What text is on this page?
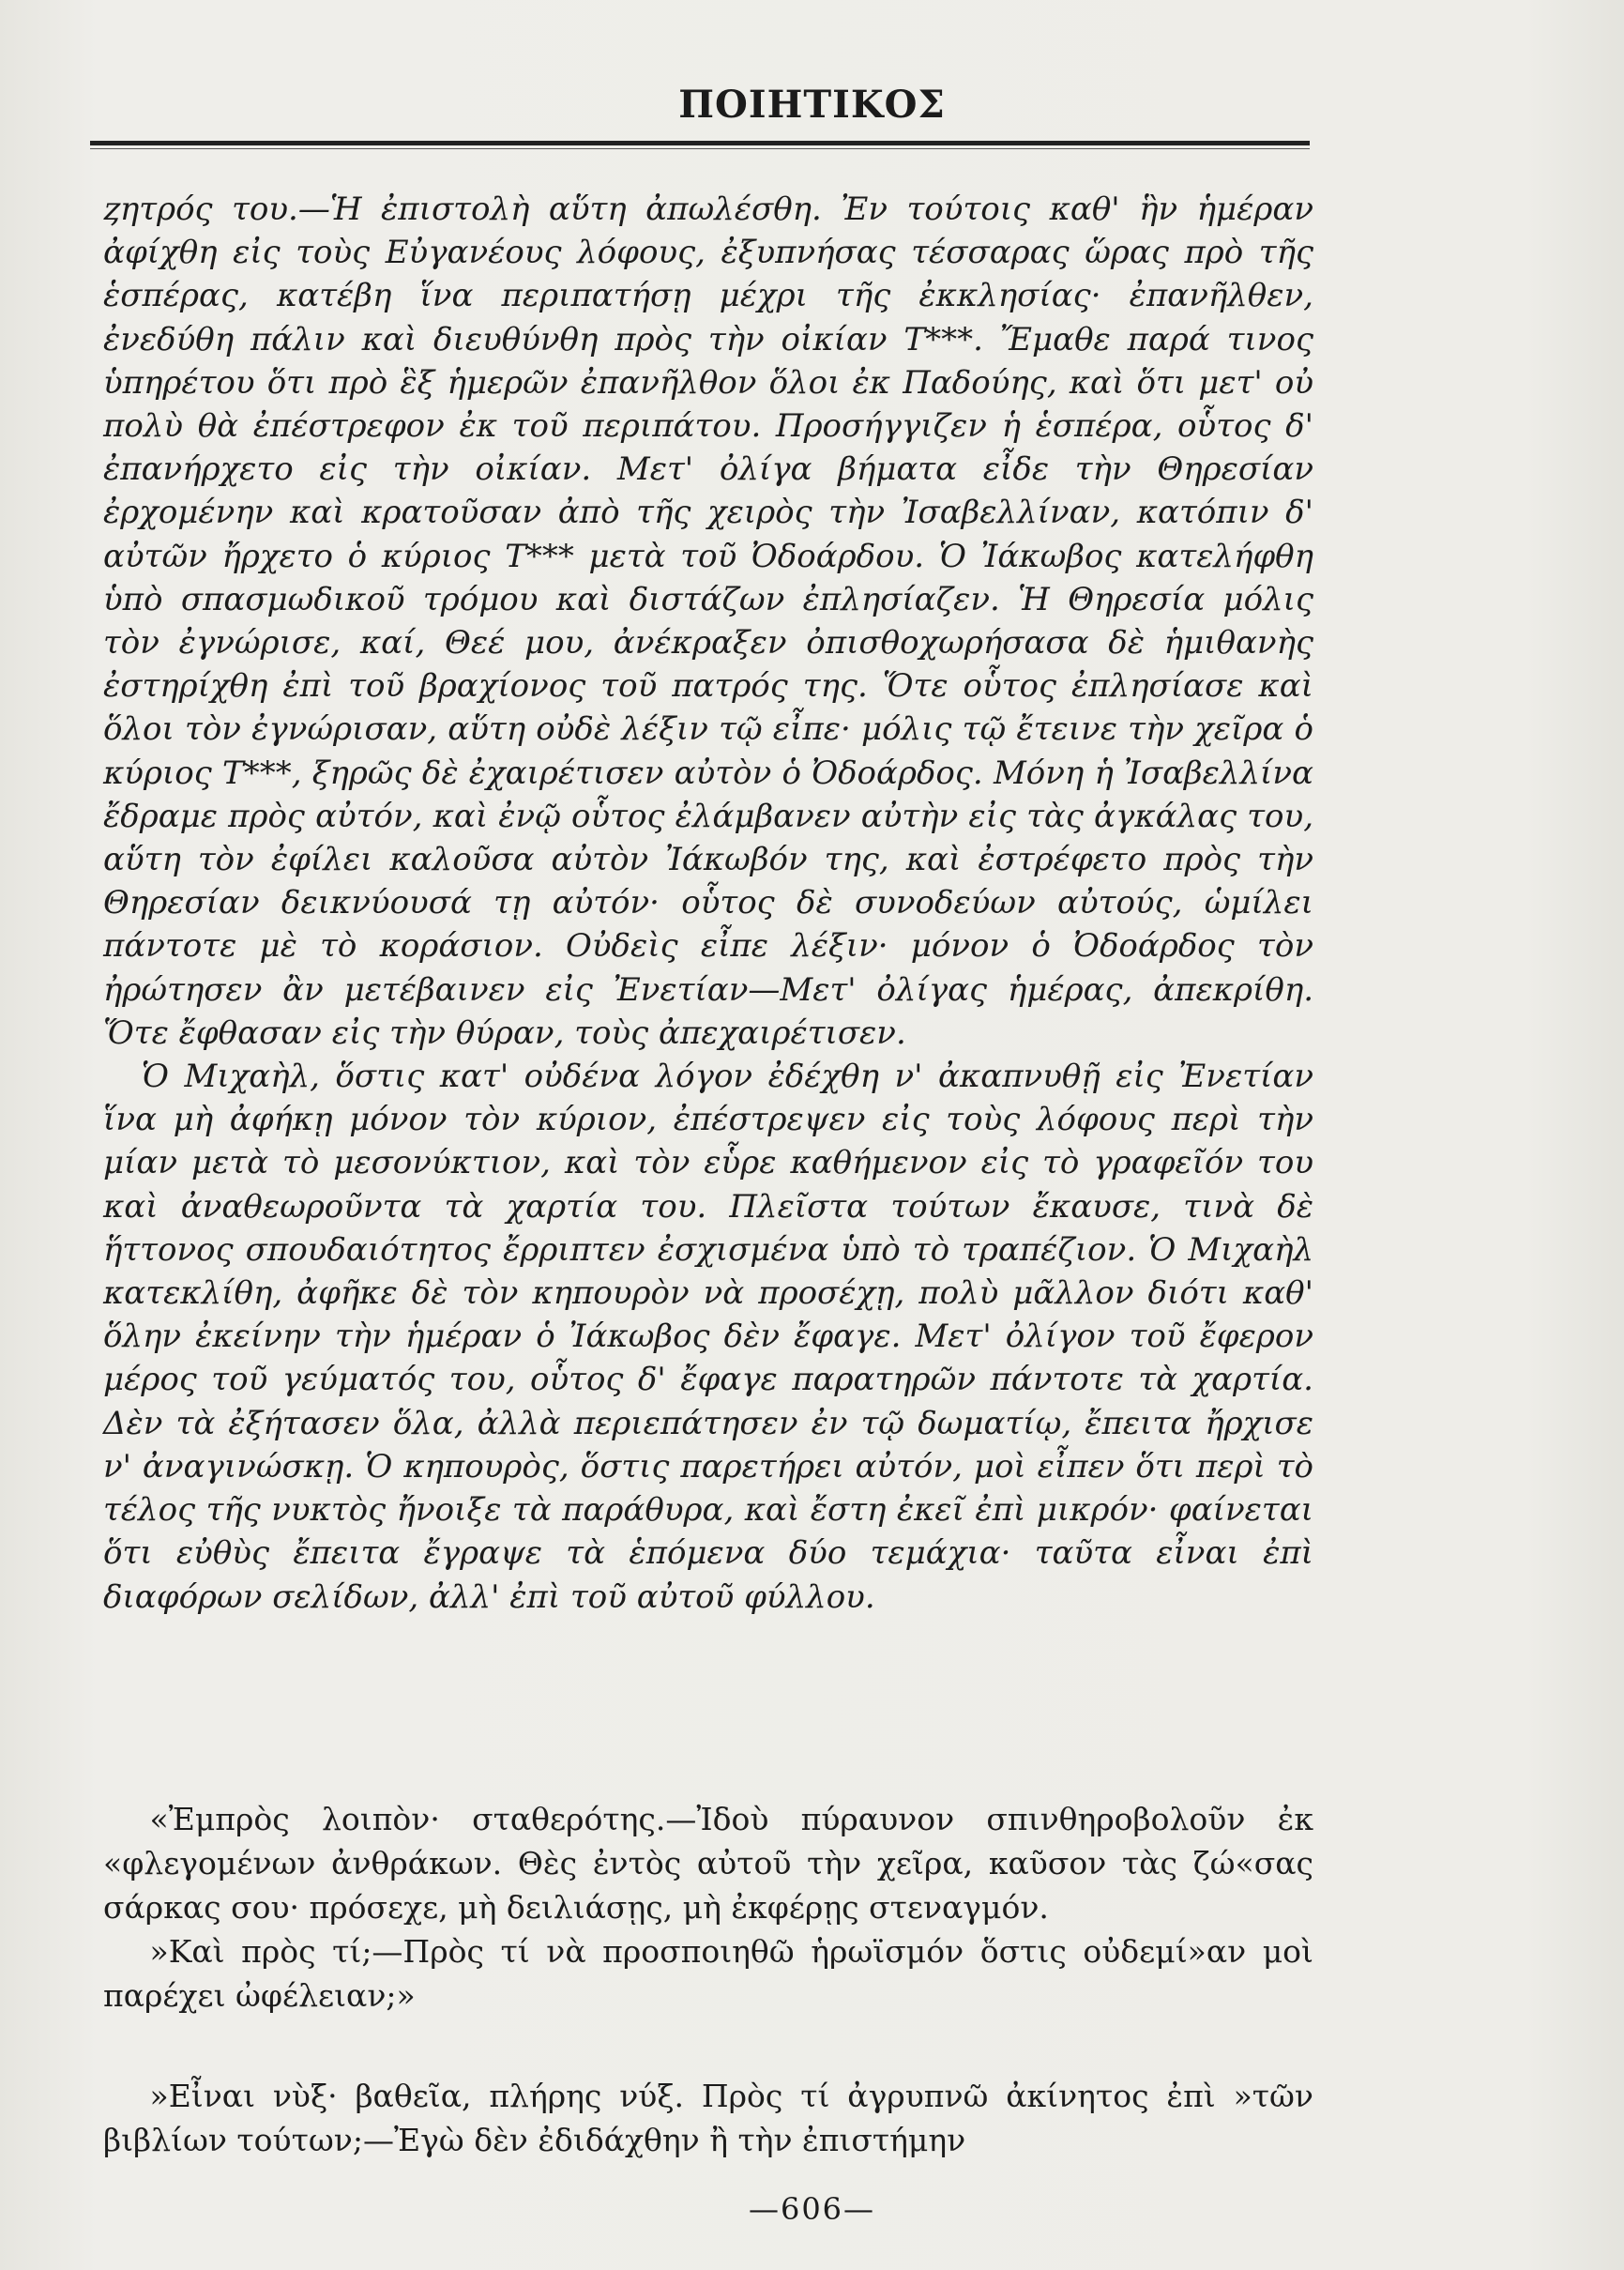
ΠΟΙΗΤΙΚΟΣ

ȥητρός του.—Ἡ ἐπιστολὴ αὕτη ἀπωλέσθη. Ἐν τούτοις καθ' ἣν ἡμέραν ἀφίχθη εἰς τοὺς Εὐγανέους λόφους, ἐξυπνήσας τέσσαρας ὥρας πρὸ τῆς ἑσπέρας, κατέβη ἵνα περιπατήσῃ μέχρι τῆς ἐκκλησίας· ἐπανῆλθεν, ἐνεδύθη πάλιν καὶ διευθύνθη πρὸς τὴν οἰκίαν Τ***. Ἔμαθε παρά τινος ὑπηρέτου ὅτι πρὸ ἓξ ἡμερῶν ἐπανῆλθον ὅλοι ἐκ Παδούης, καὶ ὅτι μετ' οὐ πολὺ θὰ ἐπέστρεφον ἐκ τοῦ περιπάτου. Προσήγγιζεν ἡ ἑσπέρα, οὗτος δ' ἐπανήρχετο εἰς τὴν οἰκίαν. Μετ' ὀλίγα βήματα εἶδε τὴν Θηρεσίαν ἐρχομένην καὶ κρατοῦσαν ἀπὸ τῆς χειρὸς τὴν Ἰσαβελλίναν, κατόπιν δ' αὐτῶν ἤρχετο ὁ κύριος Τ*** μετὰ τοῦ Ὀδοάρδου. Ὁ Ἰάκωβος κατελήφθη ὑπὸ σπασμωδικοῦ τρόμου καὶ διστάζων ἐπλησίαζεν. Ἡ Θηρεσία μόλις τὸν ἐγνώρισε, καί, Θεέ μου, ἀνέκραξεν ὀπισθοχωρήσασα δὲ ἡμιθανὴς ἐστηρίχθη ἐπὶ τοῦ βραχίονος τοῦ πατρός της. Ὅτε οὗτος ἐπλησίασε καὶ ὅλοι τὸν ἐγνώρισαν, αὕτη οὐδὲ λέξιν τῷ εἶπε· μόλις τῷ ἔτεινε τὴν χεῖρα ὁ κύριος Τ***, ξηρῶς δὲ ἐχαιρέτισεν αὐτὸν ὁ Ὀδοάρδος. Μόνη ἡ Ἰσαβελλίνα ἔδραμε πρὸς αὐτόν, καὶ ἐνῷ οὗτος ἐλάμβανεν αὐτὴν εἰς τὰς ἀγκάλας του, αὕτη τὸν ἐφίλει καλοῦσα αὐτὸν Ἰάκωβόν της, καὶ ἐστρέφετο πρὸς τὴν Θηρεσίαν δεικνύουσά τῃ αὐτόν· οὗτος δὲ συνοδεύων αὐτούς, ὡμίλει πάντοτε μὲ τὸ κοράσιον. Οὐδεὶς εἶπε λέξιν· μόνον ὁ Ὀδοάρδος τὸν ἠρώτησεν ἂν μετέβαινεν εἰς Ἐνετίαν—Μετ' ὀλίγας ἡμέρας, ἀπεκρίθη. Ὅτε ἔφθασαν εἰς τὴν θύραν, τοὺς ἀπεχαιρέτισεν.

Ὁ Μιχαὴλ, ὅστις κατ' οὐδένα λόγον ἐδέχθη ν' ἀκαπνυθῇ εἰς Ἐνετίαν ἵνα μὴ ἀφήκῃ μόνον τὸν κύριον, ἐπέστρεψεν εἰς τοὺς λόφους περὶ τὴν μίαν μετὰ τὸ μεσονύκτιον, καὶ τὸν εὗρε καθήμενον εἰς τὸ γραφεῖόν του καὶ ἀναθεωροῦντα τὰ χαρτία του. Πλεῖστα τούτων ἔκαυσε, τινὰ δὲ ἥττονος σπουδαιότητος ἔρριπτεν ἐσχισμένα ὑπὸ τὸ τραπέζιον. Ὁ Μιχαὴλ κατεκλίθη, ἀφῆκε δὲ τὸν κηπουρὸν νὰ προσέχῃ, πολὺ μᾶλλον διότι καθ' ὅλην ἐκείνην τὴν ἡμέραν ὁ Ἰάκωβος δὲν ἔφαγε. Μετ' ὀλίγον τοῦ ἔφερον μέρος τοῦ γεύματός του, οὗτος δ' ἔφαγε παρατηρῶν πάντοτε τὰ χαρτία. Δὲν τὰ ἐξήτασεν ὅλα, ἀλλὰ περιεπάτησεν ἐν τῷ δωματίῳ, ἔπειτα ἤρχισε ν' ἀναγινώσκῃ. Ὁ κηπουρὸς, ὅστις παρετήρει αὐτόν, μοὶ εἶπεν ὅτι περὶ τὸ τέλος τῆς νυκτὸς ἤνοιξε τὰ παράθυρα, καὶ ἔστη ἐκεῖ ἐπὶ μικρόν· φαίνεται ὅτι εὐθὺς ἔπειτα ἔγραψε τὰ ἑπόμενα δύο τεμάχια· ταῦτα εἶναι ἐπὶ διαφόρων σελίδων, ἀλλ' ἐπὶ τοῦ αὐτοῦ φύλλου.

«Ἐμπρὸς λοιπὸν· σταθερότης.—Ἰδοὺ πύραυνον σπινθηροβολοῦν ἐκ «φλεγομένων ἀνθράκων. Θὲς ἐντὸς αὐτοῦ τὴν χεῖρα, καῦσον τὰς ζώ«σας σάρκας σου· πρόσεχε, μὴ δειλιάσῃς, μὴ ἐκφέρῃς στεναγμόν.

»Καὶ πρὸς τί;—Πρὸς τί νὰ προσποιηθῶ ἡρωϊσμόν ὅστις οὐδεμί»αν μοὶ παρέχει ὠφέλειαν;»

»Εἶναι νὺξ· βαθεῖα, πλήρης νύξ. Πρὸς τί ἀγρυπνῶ ἀκίνητος ἐπὶ »τῶν βιβλίων τούτων;—Ἐγὼ δὲν ἐδιδάχθην ἢ τὴν ἐπιστήμην

—606—
